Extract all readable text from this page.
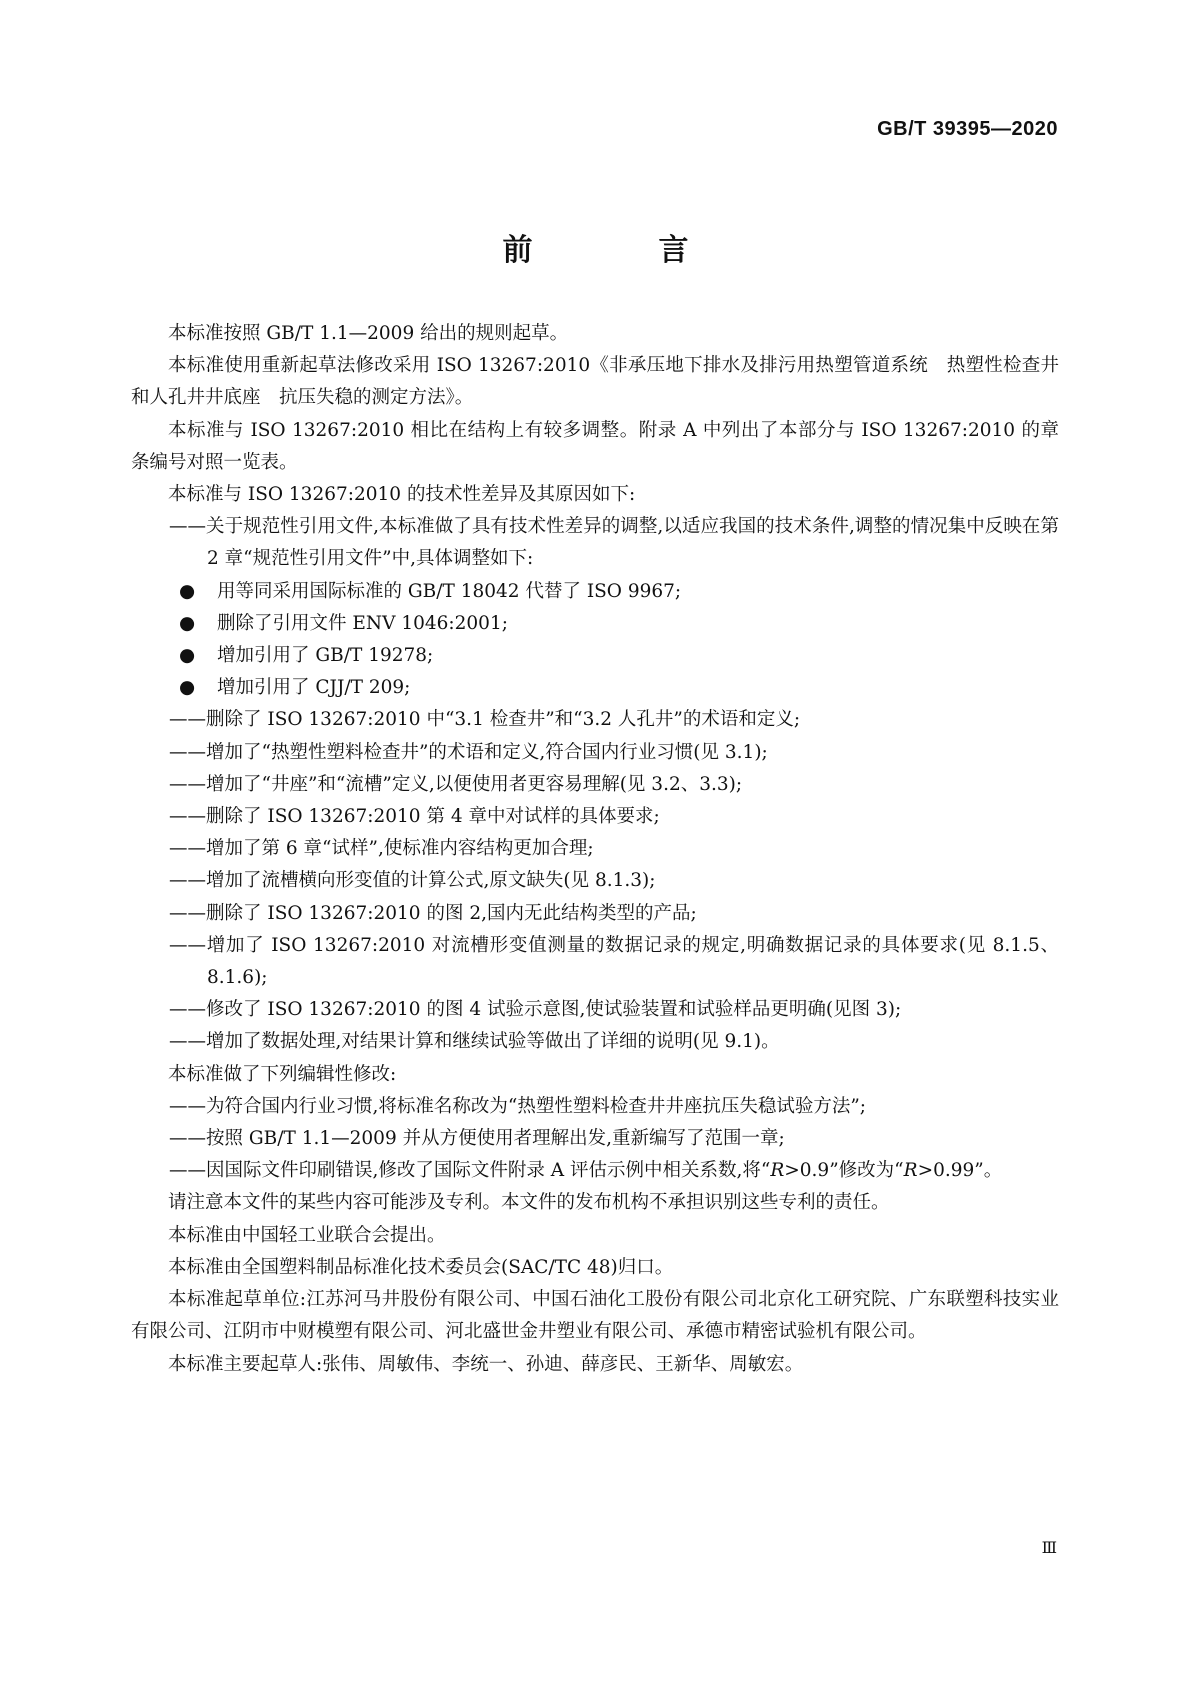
GB/T 39395—2020
前　言

本标准按照 GB/T 1.1—2009 给出的规则起草。

本标准使用重新起草法修改采用 ISO 13267:2010《非承压地下排水及排污用热塑管道系统　热塑性检查井和人孔井井底座　抗压失稳的测定方法》。

本标准与 ISO 13267:2010 相比在结构上有较多调整。附录 A 中列出了本部分与 ISO 13267:2010 的章条编号对照一览表。

本标准与 ISO 13267:2010 的技术性差异及其原因如下:

——关于规范性引用文件,本标准做了具有技术性差异的调整,以适应我国的技术条件,调整的情况集中反映在第 2 章“规范性引用文件”中,具体调整如下:

● 用等同采用国际标准的 GB/T 18042 代替了 ISO 9967;

● 删除了引用文件 ENV 1046:2001;

● 增加引用了 GB/T 19278;

● 增加引用了 CJJ/T 209;

——删除了 ISO 13267:2010 中“3.1 检查井”和“3.2 人孔井”的术语和定义;

——增加了“热塑性塑料检查井”的术语和定义,符合国内行业习惯(见 3.1);

——增加了“井座”和“流槽”定义,以便使用者更容易理解(见 3.2、3.3);

——删除了 ISO 13267:2010 第 4 章中对试样的具体要求;

——增加了第 6 章“试样”,使标准内容结构更加合理;

——增加了流槽横向形变值的计算公式,原文缺失(见 8.1.3);

——删除了 ISO 13267:2010 的图 2,国内无此结构类型的产品;

——增加了 ISO 13267:2010 对流槽形变值测量的数据记录的规定,明确数据记录的具体要求(见 8.1.5、8.1.6);

——修改了 ISO 13267:2010 的图 4 试验示意图,使试验装置和试验样品更明确(见图 3);

——增加了数据处理,对结果计算和继续试验等做出了详细的说明(见 9.1)。

本标准做了下列编辑性修改:

——为符合国内行业习惯,将标准名称改为“热塑性塑料检查井井座抗压失稳试验方法”;

——按照 GB/T 1.1—2009 并从方便使用者理解出发,重新编写了范围一章;

——因国际文件印刷错误,修改了国际文件附录 A 评估示例中相关系数,将“R>0.9”修改为“R>0.99”。

请注意本文件的某些内容可能涉及专利。本文件的发布机构不承担识别这些专利的责任。

本标准由中国轻工业联合会提出。

本标准由全国塑料制品标准化技术委员会(SAC/TC 48)归口。

本标准起草单位:江苏河马井股份有限公司、中国石油化工股份有限公司北京化工研究院、广东联塑科技实业有限公司、江阴市中财模塑有限公司、河北盛世金井塑业有限公司、承德市精密试验机有限公司。

本标准主要起草人:张伟、周敏伟、李统一、孙迪、薛彦民、王新华、周敏宏。

Ⅲ
